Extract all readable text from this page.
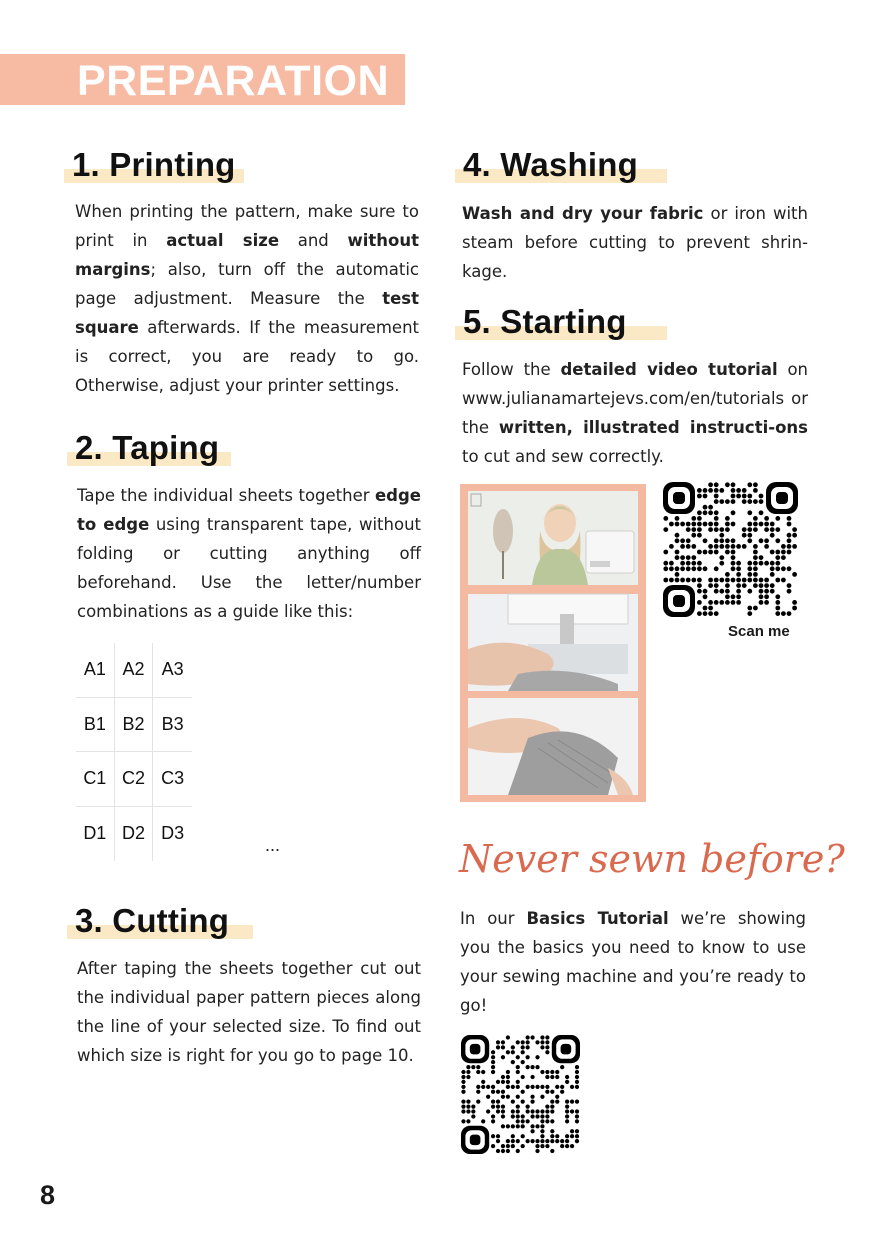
PREPARATION
1. Printing
When printing the pattern, make sure to print in actual size and without margins; also, turn off the automatic page adjustment. Measure the test square afterwards. If the measurement is correct, you are ready to go. Otherwise, adjust your printer settings.
2. Taping
Tape the individual sheets together edge to edge using transparent tape, without folding or cutting anything off beforehand. Use the letter/number combinations as a guide like this:
A1 A2 A3
B1 B2 B3
C1 C2 C3
D1 D2 D3
...
3. Cutting
After taping the sheets together cut out the individual paper pattern pieces along the line of your selected size. To find out which size is right for you go to page 10.
4. Washing
Wash and dry your fabric or iron with steam before cutting to prevent shrin-kage.
5. Starting
Follow the detailed video tutorial on www.julianamartejevs.com/en/tutorials or the written, illustrated instructi-ons to cut and sew correctly.
Scan me
Never sewn before?
In our Basics Tutorial we’re showing you the basics you need to know to use your sewing machine and you’re ready to go!
8
